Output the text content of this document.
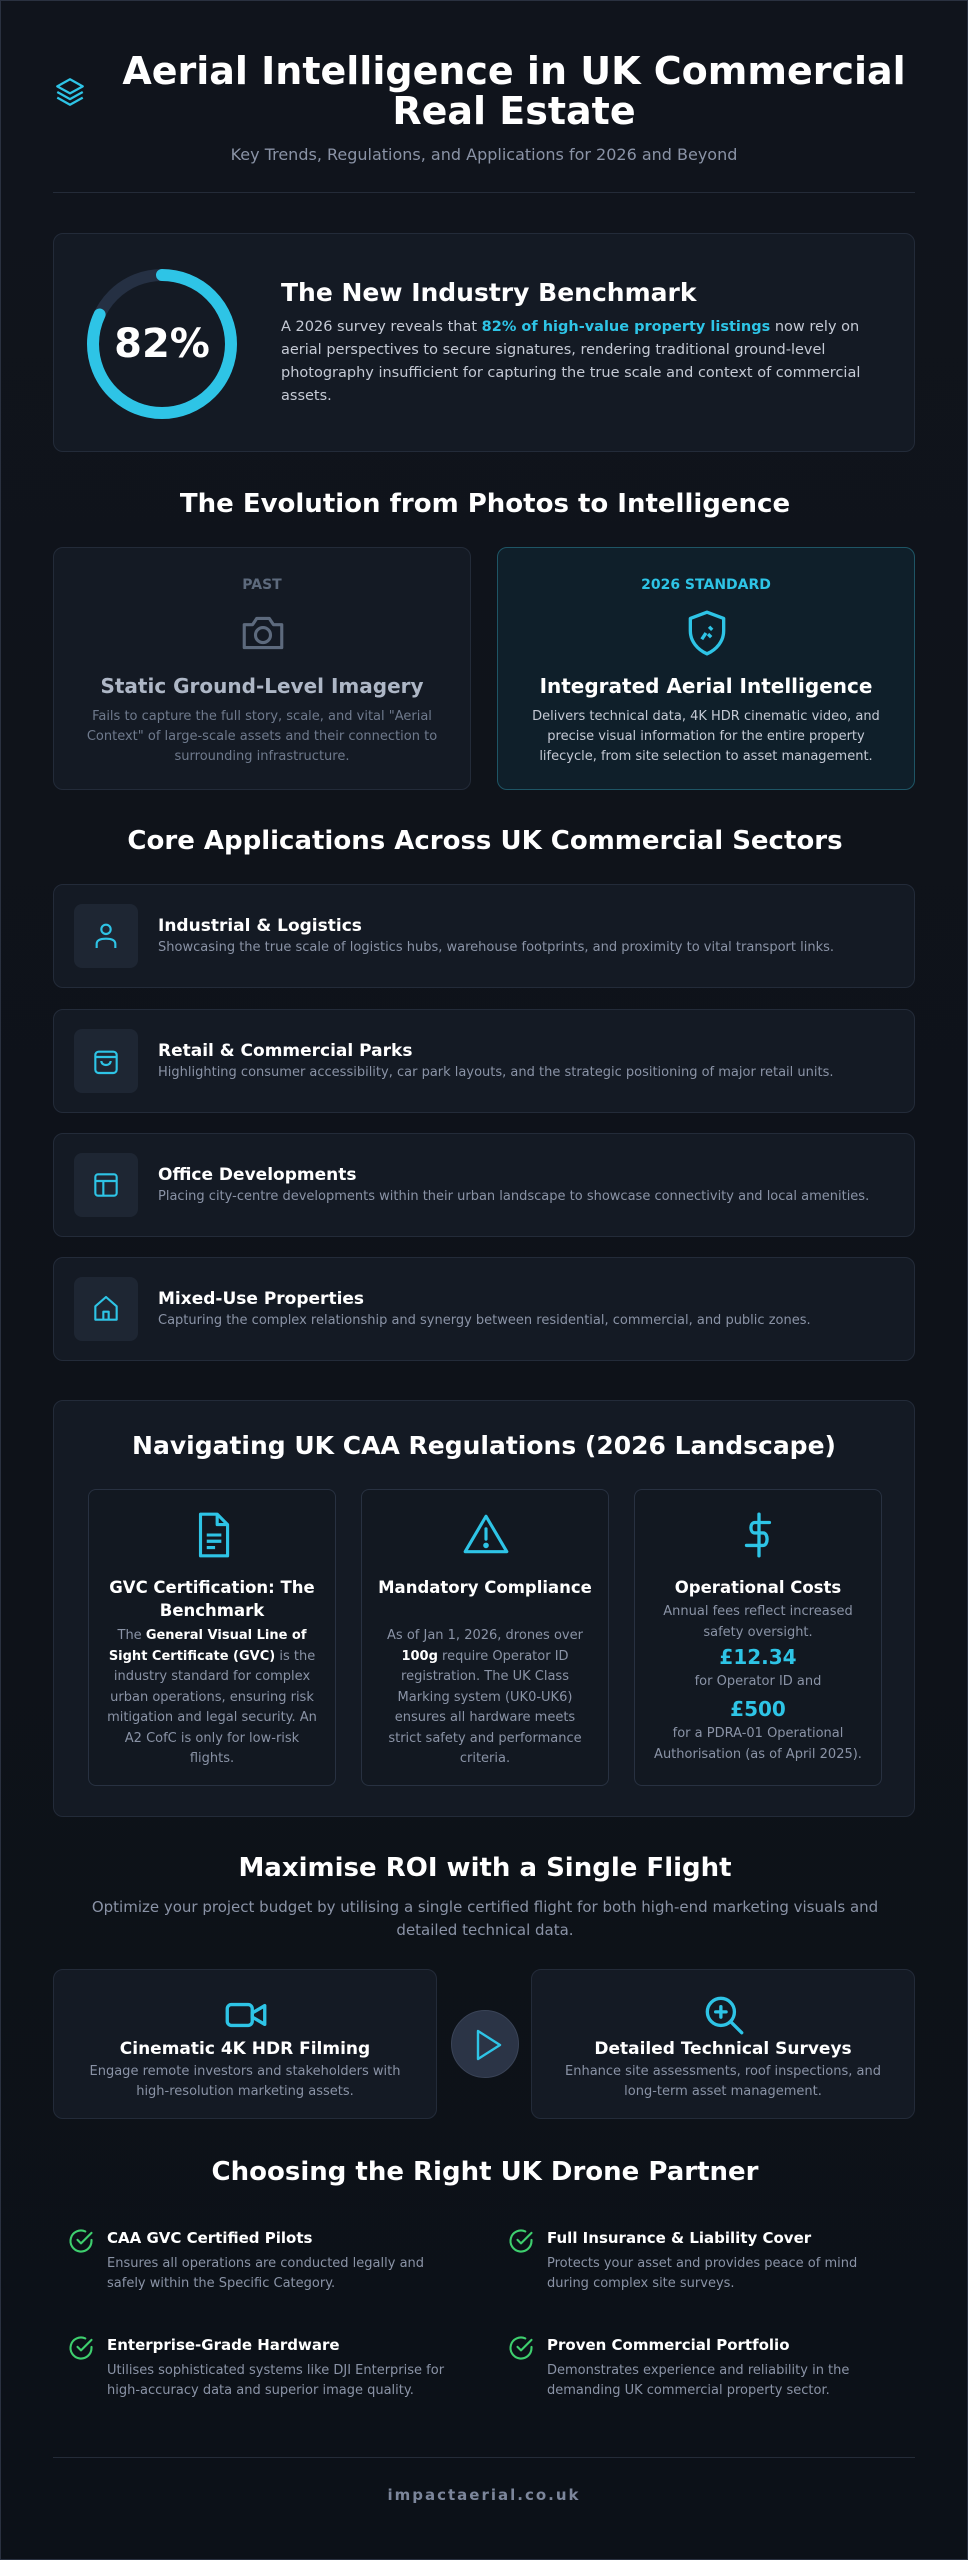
Aerial Intelligence in UK Commercial Real Estate
Key Trends, Regulations, and Applications for 2026 and Beyond
82%
The New Industry Benchmark
A 2026 survey reveals that 82% of high-value property listings now rely on aerial perspectives to secure signatures, rendering traditional ground-level photography insufficient for capturing the true scale and context of commercial assets.
The Evolution from Photos to Intelligence
PAST
Static Ground-Level Imagery
Fails to capture the full story, scale, and vital "Aerial Context" of large-scale assets and their connection to surrounding infrastructure.
2026 STANDARD
Integrated Aerial Intelligence
Delivers technical data, 4K HDR cinematic video, and precise visual information for the entire property lifecycle, from site selection to asset management.
Core Applications Across UK Commercial Sectors
Industrial & Logistics
Showcasing the true scale of logistics hubs, warehouse footprints, and proximity to vital transport links.
Retail & Commercial Parks
Highlighting consumer accessibility, car park layouts, and the strategic positioning of major retail units.
Office Developments
Placing city-centre developments within their urban landscape to showcase connectivity and local amenities.
Mixed-Use Properties
Capturing the complex relationship and synergy between residential, commercial, and public zones.
Navigating UK CAA Regulations (2026 Landscape)
GVC Certification: The Benchmark
The General Visual Line of Sight Certificate (GVC) is the industry standard for complex urban operations, ensuring risk mitigation and legal security. An A2 CofC is only for low-risk flights.
Mandatory Compliance
As of Jan 1, 2026, drones over 100g require Operator ID registration. The UK Class Marking system (UK0-UK6) ensures all hardware meets strict safety and performance criteria.
Operational Costs
Annual fees reflect increased safety oversight.
£12.34
for Operator ID and
£500
for a PDRA-01 Operational Authorisation (as of April 2025).
Maximise ROI with a Single Flight
Optimize your project budget by utilising a single certified flight for both high-end marketing visuals and detailed technical data.
Cinematic 4K HDR Filming
Engage remote investors and stakeholders with high-resolution marketing assets.
Detailed Technical Surveys
Enhance site assessments, roof inspections, and long-term asset management.
Choosing the Right UK Drone Partner
CAA GVC Certified Pilots
Ensures all operations are conducted legally and safely within the Specific Category.
Full Insurance & Liability Cover
Protects your asset and provides peace of mind during complex site surveys.
Enterprise-Grade Hardware
Utilises sophisticated systems like DJI Enterprise for high-accuracy data and superior image quality.
Proven Commercial Portfolio
Demonstrates experience and reliability in the demanding UK commercial property sector.
impactaerial.co.uk
